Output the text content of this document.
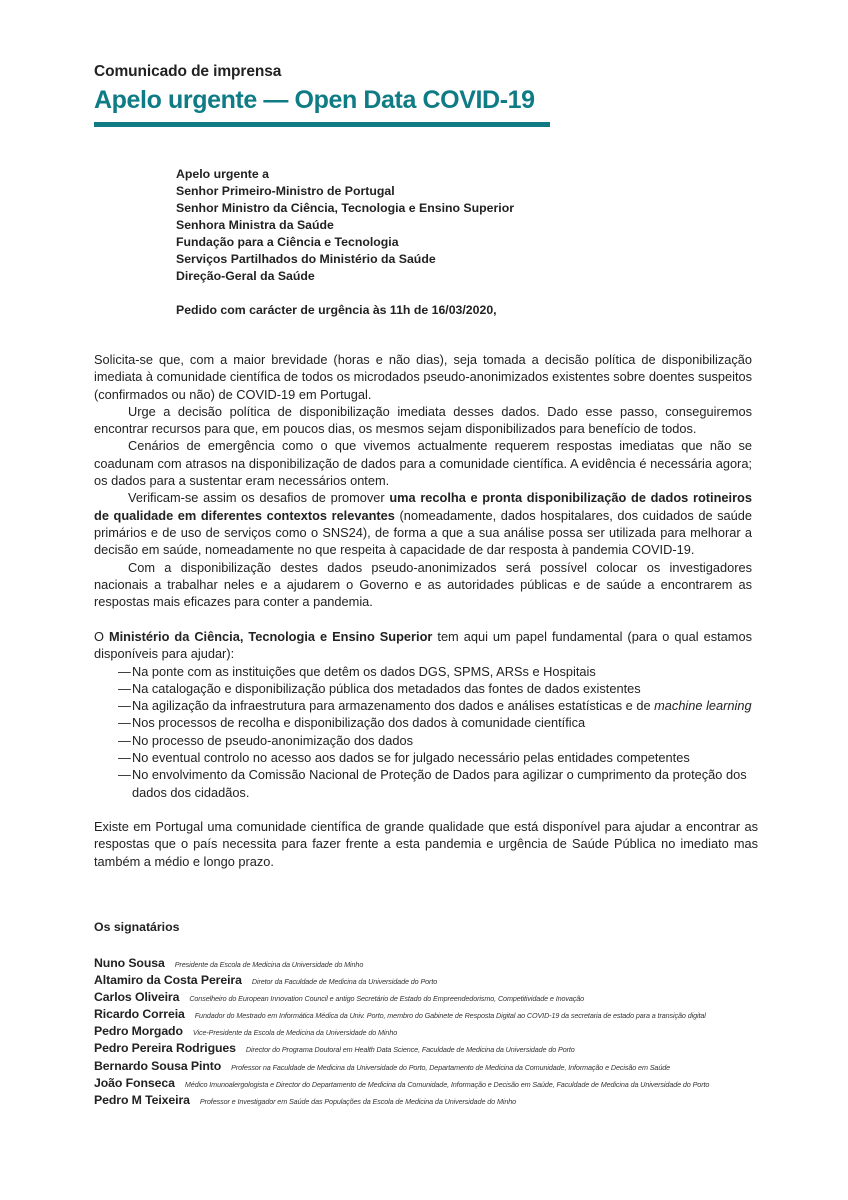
Comunicado de imprensa
Apelo urgente — Open Data COVID-19
Apelo urgente a
Senhor Primeiro-Ministro de Portugal
Senhor Ministro da Ciência, Tecnologia e Ensino Superior
Senhora Ministra da Saúde
Fundação para a Ciência e Tecnologia
Serviços Partilhados do Ministério da Saúde
Direção-Geral da Saúde
Pedido com carácter de urgência às 11h de 16/03/2020,

Solicita-se que, com a maior brevidade (horas e não dias), seja tomada a decisão política de disponibilização imediata à comunidade científica de todos os microdados pseudo-anonimizados existentes sobre doentes suspeitos (confirmados ou não) de COVID-19 em Portugal.

Urge a decisão política de disponibilização imediata desses dados. Dado esse passo, conseguiremos encontrar recursos para que, em poucos dias, os mesmos sejam disponibilizados para benefício de todos.

Cenários de emergência como o que vivemos actualmente requerem respostas imediatas que não se coadunam com atrasos na disponibilização de dados para a comunidade científica. A evidência é necessária agora; os dados para a sustentar eram necessários ontem.

Verificam-se assim os desafios de promover uma recolha e pronta disponibilização de dados rotineiros de qualidade em diferentes contextos relevantes (nomeadamente, dados hospitalares, dos cuidados de saúde primários e de uso de serviços como o SNS24), de forma a que a sua análise possa ser utilizada para melhorar a decisão em saúde, nomeadamente no que respeita à capacidade de dar resposta à pandemia COVID-19.

Com a disponibilização destes dados pseudo-anonimizados será possível colocar os investigadores nacionais a trabalhar neles e a ajudarem o Governo e as autoridades públicas e de saúde a encontrarem as respostas mais eficazes para conter a pandemia.

O Ministério da Ciência, Tecnologia e Ensino Superior tem aqui um papel fundamental (para o qual estamos disponíveis para ajudar):

— Na ponte com as instituições que detêm os dados DGS, SPMS, ARSs e Hospitais
— Na catalogação e disponibilização pública dos metadados das fontes de dados existentes
— Na agilização da infraestrutura para armazenamento dos dados e análises estatísticas e de machine learning
— Nos processos de recolha e disponibilização dos dados à comunidade científica
— No processo de pseudo-anonimização dos dados
— No eventual controlo no acesso aos dados se for julgado necessário pelas entidades competentes
— No envolvimento da Comissão Nacional de Proteção de Dados para agilizar o cumprimento da proteção dos dados dos cidadãos.

Existe em Portugal uma comunidade científica de grande qualidade que está disponível para ajudar a encontrar as respostas que o país necessita para fazer frente a esta pandemia e urgência de Saúde Pública no imediato mas também a médio e longo prazo.

Os signatários
Nuno Sousa Presidente da Escola de Medicina da Universidade do Minho
Altamiro da Costa Pereira Diretor da Faculdade de Medicina da Universidade do Porto
Carlos Oliveira Conselheiro do European Innovation Council e antigo Secretário de Estado do Empreendedorismo, Competitividade e Inovação
Ricardo Correia Fundador do Mestrado em Informática Médica da Univ. Porto, membro do Gabinete de Resposta Digital ao COVID-19 da secretaria de estado para a transição digital
Pedro Morgado Vice-Presidente da Escola de Medicina da Universidade do Minho
Pedro Pereira Rodrigues Director do Programa Doutoral em Health Data Science, Faculdade de Medicina da Universidade do Porto
Bernardo Sousa Pinto Professor na Faculdade de Medicina da Universidade do Porto, Departamento de Medicina da Comunidade, Informação e Decisão em Saúde
João Fonseca Médico Imunoalergologista e Director do Departamento de Medicina da Comunidade, Informação e Decisão em Saúde, Faculdade de Medicina da Universidade do Porto
Pedro M Teixeira Professor e Investigador em Saúde das Populações da Escola de Medicina da Universidade do Minho
